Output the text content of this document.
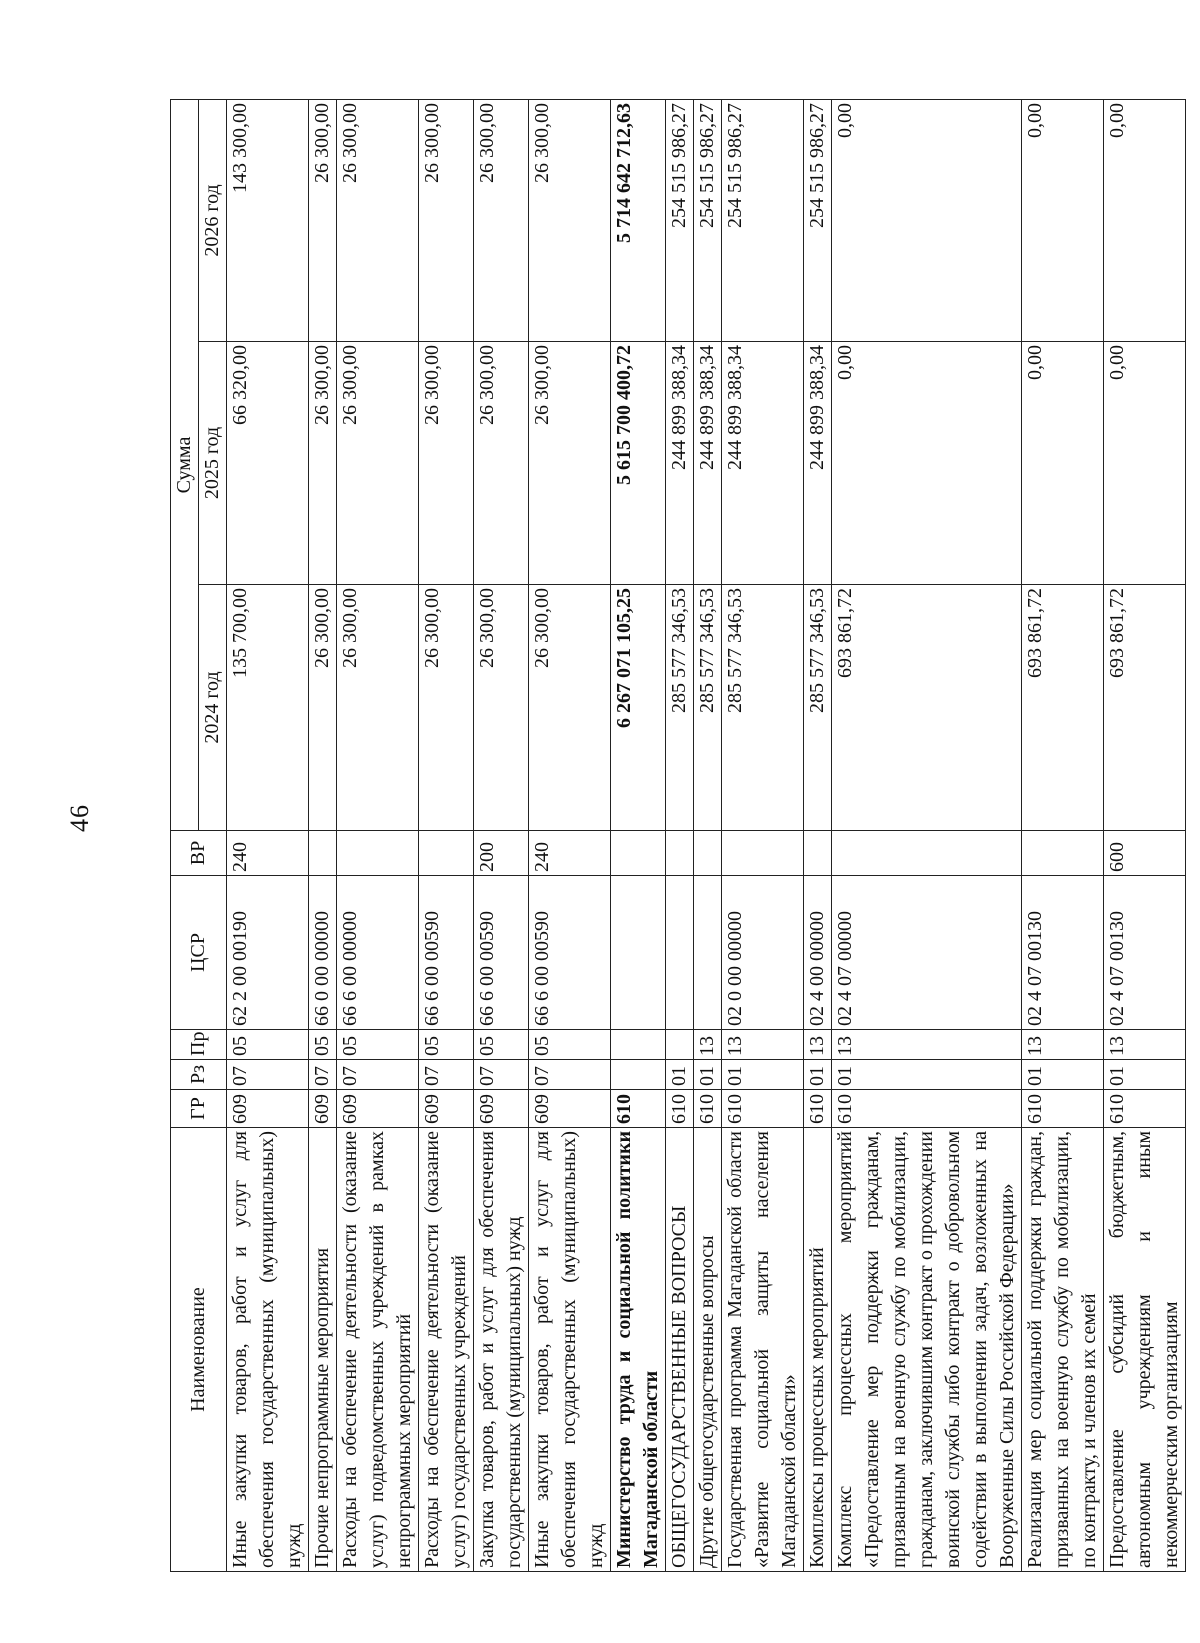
46
Наименование	ГР	Рз	Пр	ЦСР	ВР	Сумма		
						2024 год	2025 год	2026 год
Иные закупки товаров, работ и услуг для обеспечения государственных (муниципальных) нужд	609	07	05	62 2 00 00190	240	135 700,00	66 320,00	143 300,00
Прочие непрограммные мероприятия	609	07	05	66 0 00 00000		26 300,00	26 300,00	26 300,00
Расходы на обеспечение деятельности (оказание услуг) подведомственных учреждений в рамках непрограммных мероприятий	609	07	05	66 6 00 00000		26 300,00	26 300,00	26 300,00
Расходы на обеспечение деятельности (оказание услуг) государственных учреждений	609	07	05	66 6 00 00590		26 300,00	26 300,00	26 300,00
Закупка товаров, работ и услуг для обеспечения государственных (муниципальных) нужд	609	07	05	66 6 00 00590	200	26 300,00	26 300,00	26 300,00
Иные закупки товаров, работ и услуг для обеспечения государственных (муниципальных) нужд	609	07	05	66 6 00 00590	240	26 300,00	26 300,00	26 300,00
Министерство труда и социальной политики Магаданской области	610					6 267 071 105,25	5 615 700 400,72	5 714 642 712,63
ОБЩЕГОСУДАРСТВЕННЫЕ ВОПРОСЫ	610	01				285 577 346,53	244 899 388,34	254 515 986,27
Другие общегосударственные вопросы	610	01	13			285 577 346,53	244 899 388,34	254 515 986,27
Государственная программа Магаданской области «Развитие социальной защиты населения Магаданской области»	610	01	13	02 0 00 00000		285 577 346,53	244 899 388,34	254 515 986,27
Комплексы процессных мероприятий	610	01	13	02 4 00 00000		285 577 346,53	244 899 388,34	254 515 986,27
Комплекс процессных мероприятий «Предоставление мер поддержки гражданам, призванным на военную службу по мобилизации, гражданам, заключившим контракт о прохождении воинской службы либо контракт о добровольном содействии в выполнении задач, возложенных на Вооруженные Силы Российской Федерации»	610	01	13	02 4 07 00000		693 861,72	0,00	0,00
Реализация мер социальной поддержки граждан, призванных на военную службу по мобилизации, по контракту, и членов их семей	610	01	13	02 4 07 00130		693 861,72	0,00	0,00
Предоставление субсидий бюджетным, автономным учреждениям и иным некоммерческим организациям	610	01	13	02 4 07 00130	600	693 861,72	0,00	0,00
